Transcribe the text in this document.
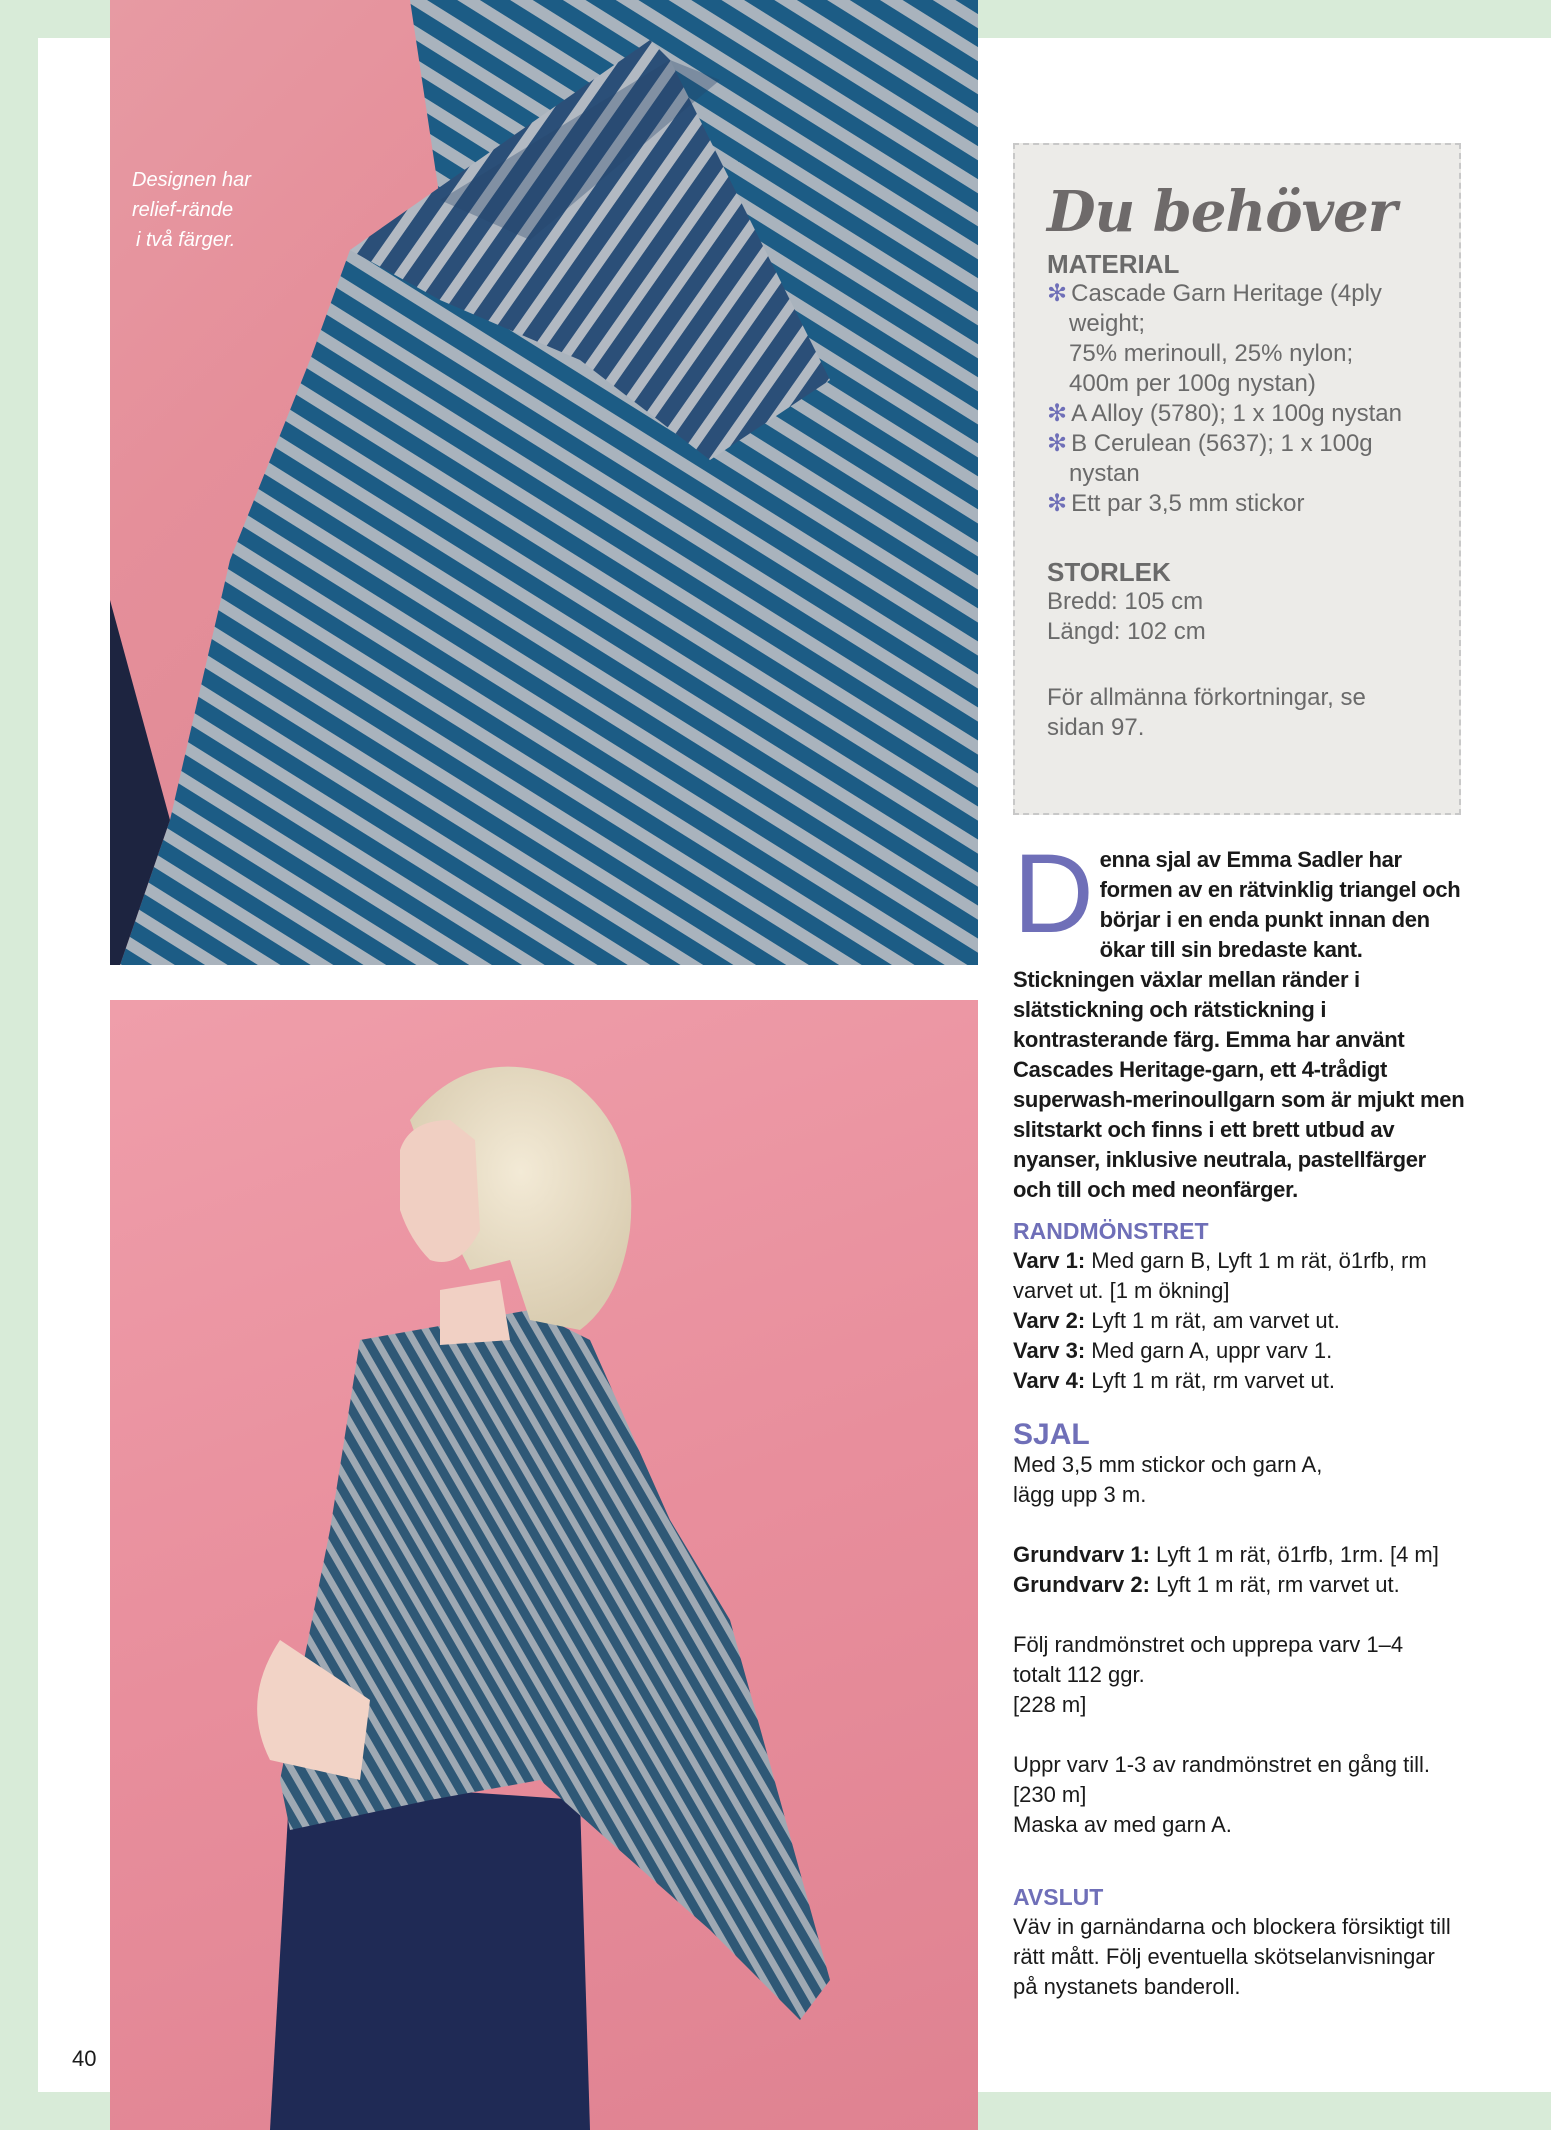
Designen har
relief-rände
i två färger.	Du behöver
MATERIAL
✻ Cascade Garn Heritage (4ply weight;
75% merinoull, 25% nylon;
400m per 100g nystan)
✻ A Alloy (5780); 1 x 100g nystan
✻ B Cerulean (5637); 1 x 100g nystan
✻ Ett par 3,5 mm stickor
STORLEK
Bredd: 105 cm
Längd: 102 cm
För allmänna förkortningar, se sidan 97.
Denna sjal av Emma Sadler har formen av en rätvinklig triangel och börjar i en enda punkt innan den ökar till sin bredaste kant. Stickningen växlar mellan ränder i slätstickning och rätstickning i kontrasterande färg. Emma har använt Cascades Heritage-garn, ett 4-trådigt superwash-merinoullgarn som är mjukt men slitstarkt och finns i ett brett utbud av nyanser, inklusive neutrala, pastellfärger och till och med neonfärger.
RANDMÖNSTRET
Varv 1: Med garn B, Lyft 1 m rät, ö1rfb, rm varvet ut. [1 m ökning]
Varv 2: Lyft 1 m rät, am varvet ut.
Varv 3: Med garn A, uppr varv 1.
Varv 4: Lyft 1 m rät, rm varvet ut.
SJAL
Med 3,5 mm stickor och garn A, lägg upp 3 m.
Grundvarv 1: Lyft 1 m rät, ö1rfb, 1rm. [4 m]
Grundvarv 2: Lyft 1 m rät, rm varvet ut.
Följ randmönstret och upprepa varv 1–4
totalt 112 ggr.
[228 m]
Uppr varv 1-3 av randmönstret en gång till.
[230 m]
Maska av med garn A.
AVSLUT
Väv in garnändarna och blockera försiktigt till rätt mått. Följ eventuella skötselanvisningar på nystanets banderoll.
40
